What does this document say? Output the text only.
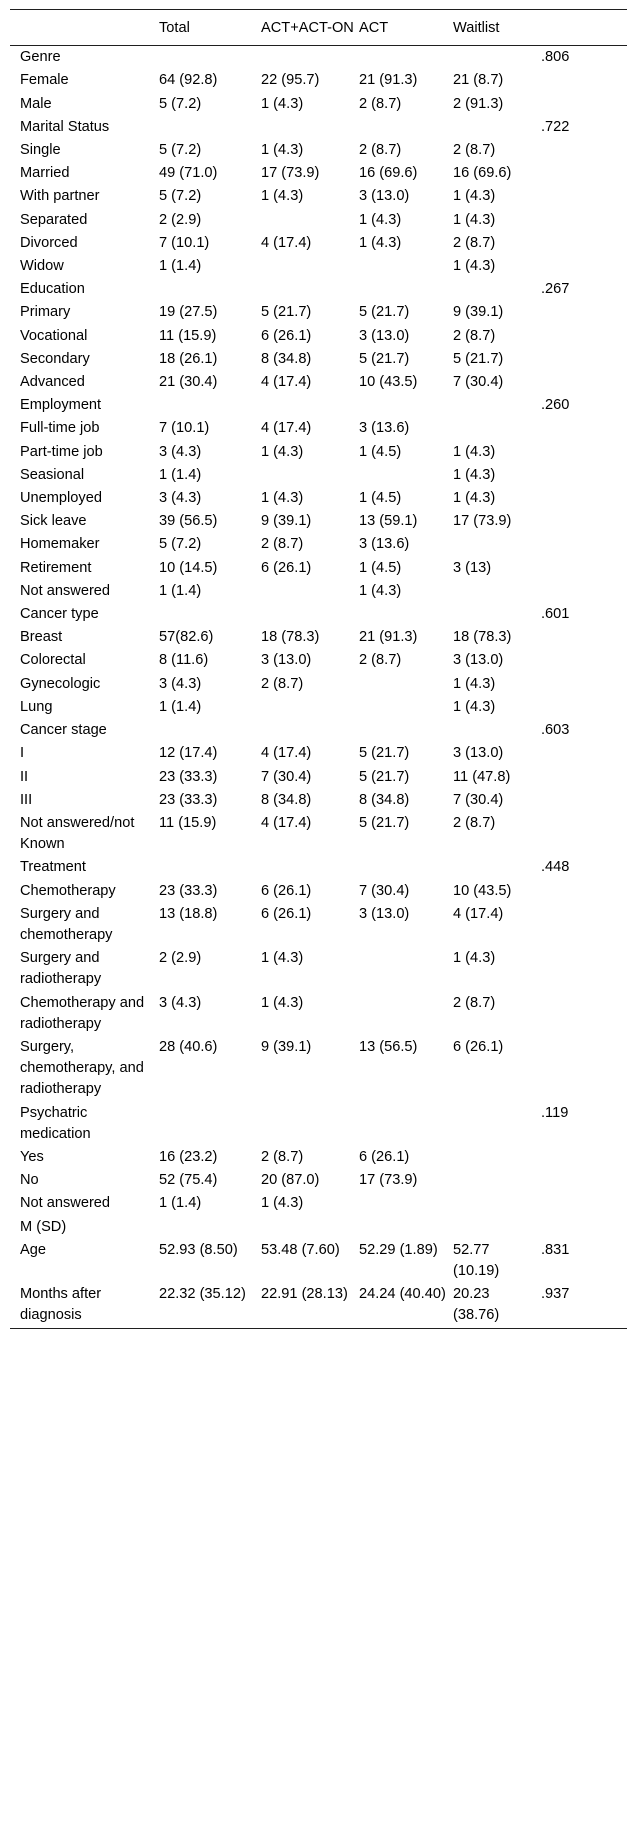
	Total	ACT+ACT-ON	ACT	Waitlist	
Genre					.806
Female	64 (92.8)	22 (95.7)	21 (91.3)	21 (8.7)	
Male	5 (7.2)	1 (4.3)	2 (8.7)	2 (91.3)	
Marital Status					.722
Single	5 (7.2)	1 (4.3)	2 (8.7)	2 (8.7)	
Married	49 (71.0)	17 (73.9)	16 (69.6)	16 (69.6)	
With partner	5 (7.2)	1 (4.3)	3 (13.0)	1 (4.3)	
Separated	2 (2.9)		1 (4.3)	1 (4.3)	
Divorced	7 (10.1)	4 (17.4)	1 (4.3)	2 (8.7)	
Widow	1 (1.4)			1 (4.3)	
Education					.267
Primary	19 (27.5)	5 (21.7)	5 (21.7)	9 (39.1)	
Vocational	11 (15.9)	6 (26.1)	3 (13.0)	2 (8.7)	
Secondary	18 (26.1)	8 (34.8)	5 (21.7)	5 (21.7)	
Advanced	21 (30.4)	4 (17.4)	10 (43.5)	7 (30.4)	
Employment					.260
Full-time job	7 (10.1)	4 (17.4)	3 (13.6)		
Part-time job	3 (4.3)	1 (4.3)	1 (4.5)	1 (4.3)	
Seasional	1 (1.4)			1 (4.3)	
Unemployed	3 (4.3)	1 (4.3)	1 (4.5)	1 (4.3)	
Sick leave	39 (56.5)	9 (39.1)	13 (59.1)	17 (73.9)	
Homemaker	5 (7.2)	2 (8.7)	3 (13.6)		
Retirement	10 (14.5)	6 (26.1)	1 (4.5)	3 (13)	
Not answered	1 (1.4)		1 (4.3)		
Cancer type					.601
Breast	57(82.6)	18 (78.3)	21 (91.3)	18 (78.3)	
Colorectal	8 (11.6)	3 (13.0)	2 (8.7)	3 (13.0)	
Gynecologic	3 (4.3)	2 (8.7)		1 (4.3)	
Lung	1 (1.4)			1 (4.3)	
Cancer stage					.603
I	12 (17.4)	4 (17.4)	5 (21.7)	3 (13.0)	
II	23 (33.3)	7 (30.4)	5 (21.7)	11 (47.8)	
III	23 (33.3)	8 (34.8)	8 (34.8)	7 (30.4)	
Not answered/not Known	11 (15.9)	4 (17.4)	5 (21.7)	2 (8.7)	
Treatment					.448
Chemotherapy	23 (33.3)	6 (26.1)	7 (30.4)	10 (43.5)	
Surgery and chemotherapy	13 (18.8)	6 (26.1)	3 (13.0)	4 (17.4)	
Surgery and radiotherapy	2 (2.9)	1 (4.3)		1 (4.3)	
Chemotherapy and radiotherapy	3 (4.3)	1 (4.3)		2 (8.7)	
Surgery, chemotherapy, and radiotherapy	28 (40.6)	9 (39.1)	13 (56.5)	6 (26.1)	
Psychatric medication					.119
Yes	16 (23.2)	2 (8.7)	6 (26.1)		
No	52 (75.4)	20 (87.0)	17 (73.9)		
Not answered	1 (1.4)	1 (4.3)			
M (SD)					
Age	52.93 (8.50)	53.48 (7.60)	52.29 (1.89)	52.77 (10.19)	.831
Months after diagnosis	22.32 (35.12)	22.91 (28.13)	24.24 (40.40)	20.23 (38.76)	.937
